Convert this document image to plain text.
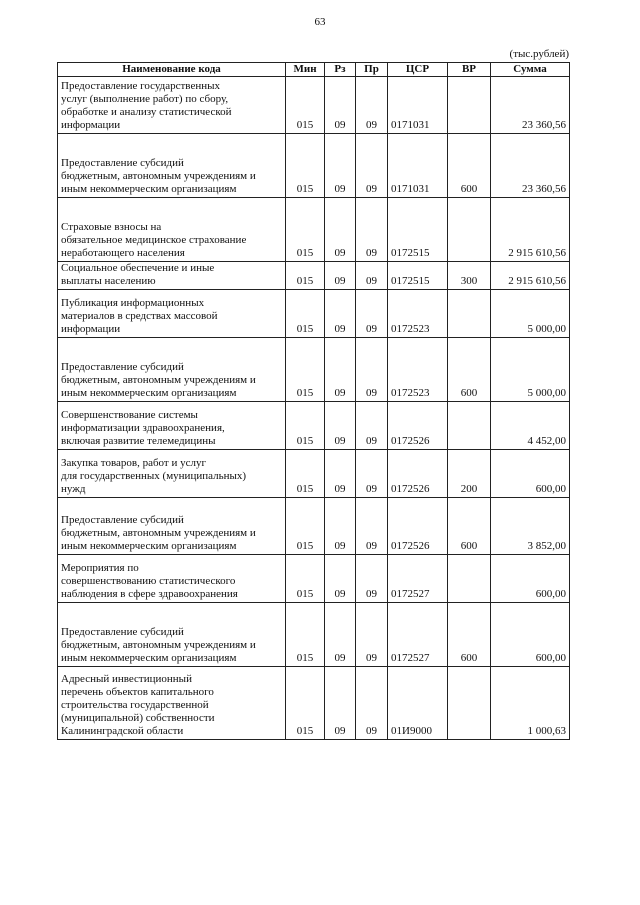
63
(тыс.рублей)
Наименование кода	Мин	Рз	Пр	ЦСР	ВР	Сумма
Предоставление государственных
услуг (выполнение работ) по сбору,
обработке и анализу статистической
информации	015	09	09	0171031		23 360,56

Предоставление субсидий
бюджетным, автономным учреждениям и
иным некоммерческим организациям	015	09	09	0171031	600	23 360,56

Страховые взносы на
обязательное медицинское страхование
неработающего населения	015	09	09	0172515		2 915 610,56
Социальное обеспечение и иные
выплаты населению	015	09	09	0172515	300	2 915 610,56
Публикация информационных
материалов в средствах массовой
информации	015	09	09	0172523		5 000,00

Предоставление субсидий
бюджетным, автономным учреждениям и
иным некоммерческим организациям	015	09	09	0172523	600	5 000,00
Совершенствование системы
информатизации здравоохранения,
включая развитие телемедицины	015	09	09	0172526		4 452,00
Закупка товаров, работ и услуг
для государственных (муниципальных)
нужд	015	09	09	0172526	200	600,00

Предоставление субсидий
бюджетным, автономным учреждениям и
иным некоммерческим организациям	015	09	09	0172526	600	3 852,00
Мероприятия по
совершенствованию статистического
наблюдения в сфере здравоохранения	015	09	09	0172527		600,00

Предоставление субсидий
бюджетным, автономным учреждениям и
иным некоммерческим организациям	015	09	09	0172527	600	600,00
Адресный инвестиционный
перечень объектов капитального
строительства государственной
(муниципальной) собственности
Калининградской области	015	09	09	01И9000		1 000,63
